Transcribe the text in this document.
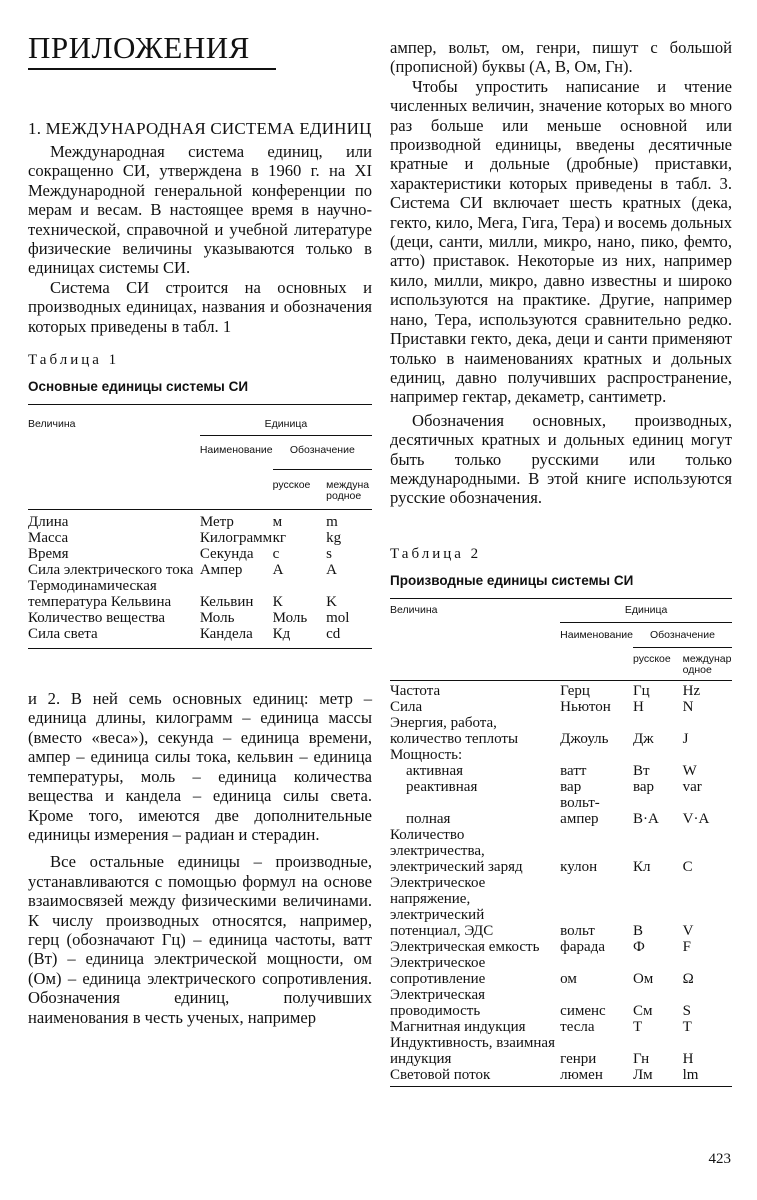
ПРИЛОЖЕНИЯ
1. МЕЖДУНАРОДНАЯ СИСТЕМА ЕДИНИЦ

Международная система единиц, или сокращенно СИ, утверждена в 1960 г. на XI Международной генеральной конференции по мерам и весам. В настоящее время в научно-технической, справочной и учебной литературе физические величины указываются только в единицах системы СИ.

Система СИ строится на основных и производных единицах, названия и обозначения которых приведены в табл. 1

Таблица 1
Основные единицы системы СИ

Величина	Единица		
	Наименование	Обозначение	
		русское	международное

Длина	Метр	м	m
Масса	Килограмм	кг	kg
Время	Секунда	с	s
Сила электрического тока	Ампер	А	A
Термодинамическая температура Кельвина	Кельвин	К	K
Количество вещества	Моль	Моль	mol
Сила света	Кандела	Кд	cd

и 2. В ней семь основных единиц: метр – единица длины, килограмм – единица массы (вместо «веса»), секунда – единица времени, ампер – единица силы тока, кельвин – единица температуры, моль – единица количества вещества и кандела – единица силы света. Кроме того, имеются две дополнительные единицы измерения – радиан и стерадин.

Все остальные единицы – производные, устанавливаются с помощью формул на основе взаимосвязей между физическими величинами. К числу производных относятся, например, герц (обозначают Гц) – единица частоты, ватт (Вт) – единица электрической мощности, ом (Ом) – единица электрического сопротивления. Обозначения единиц, получивших наименования в честь ученых, например

ампер, вольт, ом, генри, пишут с большой (прописной) буквы (А, В, Ом, Гн).

Чтобы упростить написание и чтение численных величин, значение которых во много раз больше или меньше основной или производной единицы, введены десятичные кратные и дольные (дробные) приставки, характеристики которых приведены в табл. 3. Система СИ включает шесть кратных (дека, гекто, кило, Мега, Гига, Тера) и восемь дольных (деци, санти, милли, микро, нано, пико, фемто, атто) приставок. Некоторые из них, например кило, милли, микро, давно известны и широко используются на практике. Другие, например нано, Тера, используются сравнительно редко. Приставки гекто, дека, деци и санти применяют только в наименованиях кратных и дольных единиц, давно получивших распространение, например гектар, декаметр, сантиметр.

Обозначения основных, производных, десятичных кратных и дольных единиц могут быть только русскими или только международными. В этой книге используются русские обозначения.

Таблица 2
Производные единицы системы СИ

Величина	Единица		
	Наименование	Обозначение	
		русское	международное

Частота	Герц	Гц	Hz
Сила	Ньютон	Н	N
Энергия, работа, количество теплоты	Джоуль	Дж	J
Мощность:			
активная	ватт	Вт	W
реактивная	вар	вар	var
полная	вольт-ампер	В·А	V·A
Количество электричества, электрический заряд	кулон	Кл	C
Электрическое напряжение, электрический потенциал, ЭДС	вольт	В	V
Электрическая емкость	фарада	Ф	F
Электрическое сопротивление	ом	Ом	Ω
Электрическая проводимость	сименс	См	S
Магнитная индукция	тесла	Т	T
Индуктивность, взаимная индукция	генри	Гн	H
Световой поток	люмен	Лм	lm

423
